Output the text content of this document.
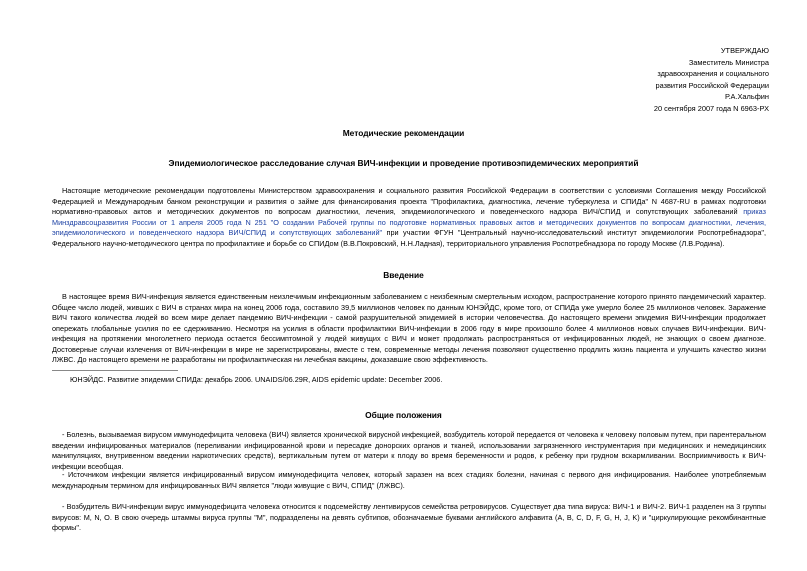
УТВЕРЖДАЮ
Заместитель Министра
здравоохранения и социального
развития Российской Федерации
Р.А.Хальфин
20 сентября 2007 года N 6963-РХ
Методические рекомендации
Эпидемиологическое расследование случая ВИЧ-инфекции и проведение противоэпидемических мероприятий
Настоящие методические рекомендации подготовлены Министерством здравоохранения и социального развития Российской Федерации в соответствии с условиями Соглашения между Российской Федерацией и Международным банком реконструкции и развития о займе для финансирования проекта "Профилактика, диагностика, лечение туберкулеза и СПИДа" N 4687-RU в рамках подготовки нормативно-правовых актов и методических документов по вопросам диагностики, лечения, эпидемиологического и поведенческого надзора ВИЧ/СПИД и сопутствующих заболеваний приказ Минздравсоцразвития России от 1 апреля 2005 года N 251 "О создании Рабочей группы по подготовке нормативных правовых актов и методических документов по вопросам диагностики, лечения, эпидемиологического и поведенческого надзора ВИЧ/СПИД и сопутствующих заболеваний" при участии ФГУН "Центральный научно-исследовательский институт эпидемиологии Роспотребнадзора", Федерального научно-методического центра по профилактике и борьбе со СПИДом (В.В.Покровский, Н.Н.Ладная), территориального управления Роспотребнадзора по городу Москве (Л.В.Родина).
Введение
В настоящее время ВИЧ-инфекция является единственным неизлечимым инфекционным заболеванием с неизбежным смертельным исходом, распространение которого принято пандемический характер. Общее число людей, живших с ВИЧ в странах мира на конец 2006 года, составило 39,5 миллионов человек по данным ЮНЭЙДС, кроме того, от СПИДа уже умерло более 25 миллионов человек. Заражение ВИЧ такого количества людей во всем мире делает пандемию ВИЧ-инфекции - самой разрушительной эпидемией в истории человечества. До настоящего времени эпидемия ВИЧ-инфекции продолжает опережать глобальные усилия по ее сдерживанию. Несмотря на усилия в области профилактики ВИЧ-инфекции в 2006 году в мире произошло более 4 миллионов новых случаев ВИЧ-инфекции. ВИЧ-инфекция на протяжении многолетнего периода остается бессимптомной у людей живущих с ВИЧ и может продолжать распространяться от инфицированных людей, не знающих о своем диагнозе. Достоверные случаи излечения от ВИЧ-инфекции в мире не зарегистрированы, вместе с тем, современные методы лечения позволяют существенно продлить жизнь пациента и улучшить качество жизни ЛЖВС. До настоящего времени не разработаны ни профилактическая ни лечебная вакцины, доказавшие свою эффективность.
ЮНЭЙДС. Развитие эпидемии СПИДа: декабрь 2006. UNAIDS/06.29R, AIDS epidemic update: December 2006.
Общие положения
- Болезнь, вызываемая вирусом иммунодефицита человека (ВИЧ) является хронической вирусной инфекцией, возбудитель которой передается от человека к человеку половым путем, при парентеральном введении инфицированных материалов (переливании инфицированной крови и пересадке донорских органов и тканей, использовании загрязненного инструментария при медицинских и немедицинских манипуляциях, внутривенном введении наркотических средств), вертикальным путем от матери к плоду во время беременности и родов, к ребенку при грудном вскармливании. Восприимчивость к ВИЧ-инфекции всеобщая.
- Источником инфекции является инфицированный вирусом иммунодефицита человек, который заразен на всех стадиях болезни, начиная с первого дня инфицирования. Наиболее употребляемым международным термином для инфицированных ВИЧ является "люди живущие с ВИЧ, СПИД" (ЛЖВС).
- Возбудитель ВИЧ-инфекции вирус иммунодефицита человека относится к подсемейству лентивирусов семейства ретровирусов. Существует два типа вируса: ВИЧ-1 и ВИЧ-2. ВИЧ-1 разделен на 3 группы вирусов: M, N, O. В свою очередь штаммы вируса группы "M", подразделены на девять субтипов, обозначаемые буквами английского алфавита (A, B, C, D, F, G, H, J, K) и "циркулирующие рекомбинантные формы".
